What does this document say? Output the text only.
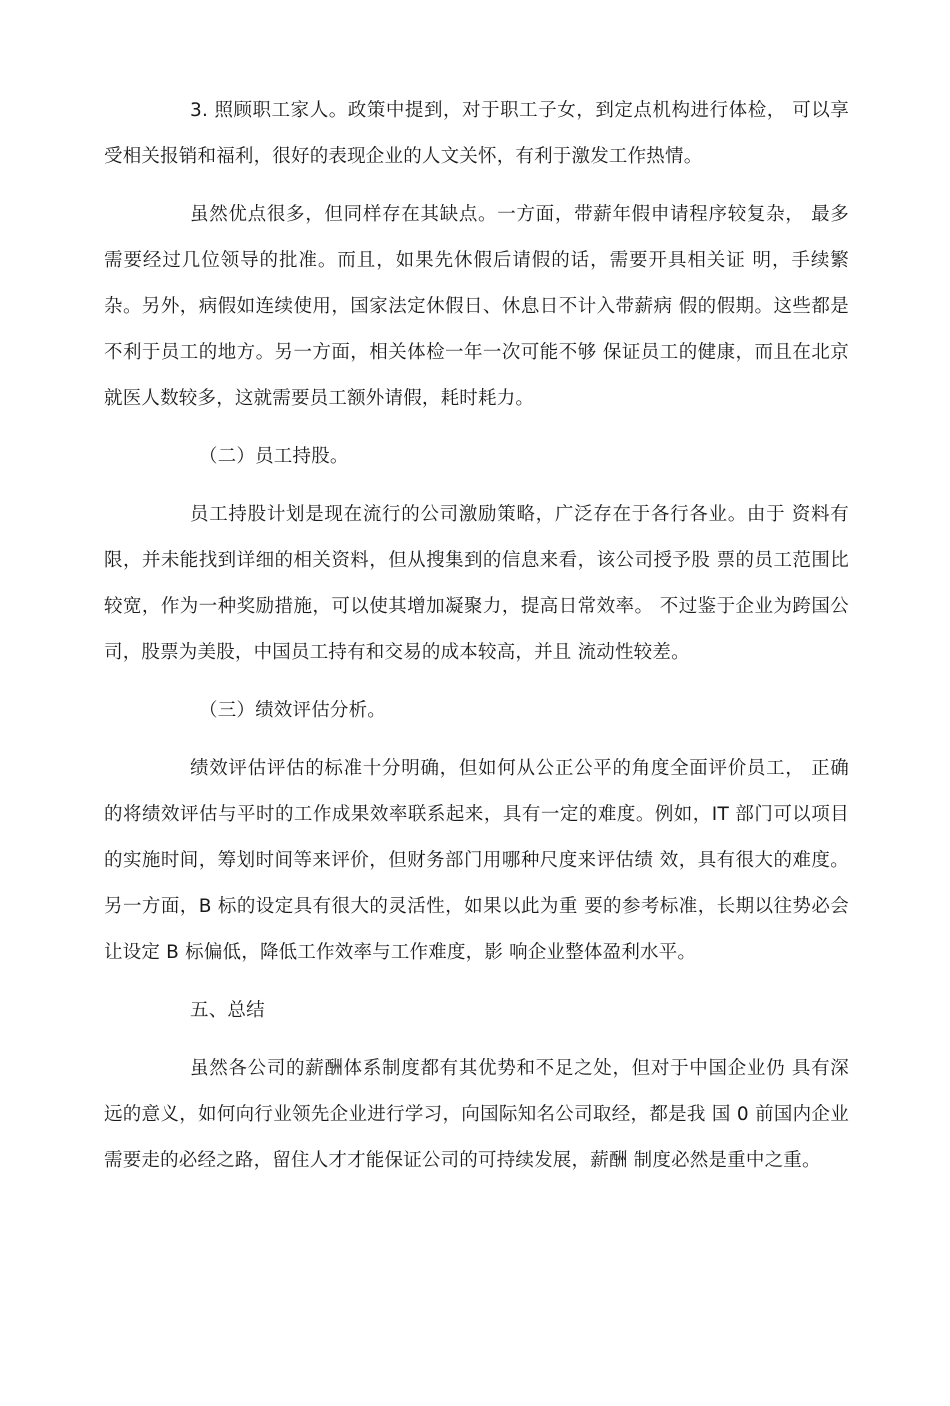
3. 照顾职工家人。政策中提到，对于职工子女，到定点机构进行体检， 可以享受相关报销和福利，很好的表现企业的人文关怀，有利于激发工作热情。

虽然优点很多，但同样存在其缺点。一方面，带薪年假申请程序较复杂， 最多需要经过几位领导的批准。而且，如果先休假后请假的话，需要开具相关证 明，手续繁杂。另外，病假如连续使用，国家法定休假日、休息日不计入带薪病 假的假期。这些都是不利于员工的地方。另一方面，相关体检一年一次可能不够 保证员工的健康，而且在北京就医人数较多，这就需要员工额外请假，耗时耗力。

（二）员工持股。

员工持股计划是现在流行的公司激励策略，广泛存在于各行各业。由于 资料有限，并未能找到详细的相关资料，但从搜集到的信息来看，该公司授予股 票的员工范围比较宽，作为一种奖励措施，可以使其增加凝聚力，提高日常效率。 不过鉴于企业为跨国公司，股票为美股，中国员工持有和交易的成本较高，并且 流动性较差。

（三）绩效评估分析。

绩效评估评估的标准十分明确，但如何从公正公平的角度全面评价员工， 正确的将绩效评估与平时的工作成果效率联系起来，具有一定的难度。例如，IT 部门可以项目的实施时间，筹划时间等来评价，但财务部门用哪种尺度来评估绩 效，具有很大的难度。另一方面，B 标的设定具有很大的灵活性，如果以此为重 要的参考标准，长期以往势必会让设定 B 标偏低，降低工作效率与工作难度，影 响企业整体盈利水平。

五、总结

虽然各公司的薪酬体系制度都有其优势和不足之处，但对于中国企业仍 具有深远的意义，如何向行业领先企业进行学习，向国际知名公司取经，都是我 国 0 前国内企业需要走的必经之路，留住人才才能保证公司的可持续发展，薪酬 制度必然是重中之重。
